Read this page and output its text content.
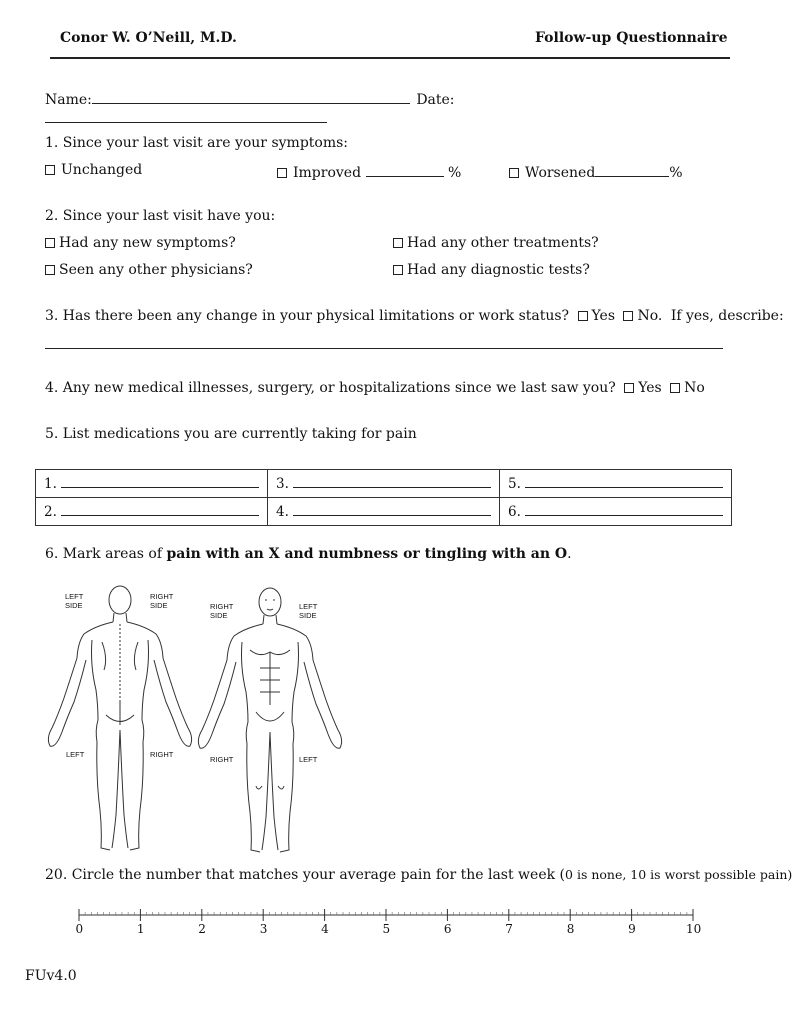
Conor W. O’Neill, M.D.	Follow-up Questionnaire
Name:	Date:
1. Since your last visit are your symptoms:
Unchanged	Improved	%	Worsened	%
2. Since your last visit have you:
Had any new symptoms?	Had any other treatments?
Seen any other physicians?	Had any diagnostic tests?
3. Has there been any change in your physical limitations or work status? Yes No. If yes, describe:
4. Any new medical illnesses, surgery, or hospitalizations since we last saw you? Yes No
5. List medications you are currently taking for pain
1.	3.	5.
2.	4.	6.
6. Mark areas of pain with an X and numbness or tingling with an O.
LEFT
SIDE
RIGHT
SIDE
LEFT	RIGHT
RIGHT
SIDE
LEFT
SIDE
RIGHT	LEFT
20. Circle the number that matches your average pain for the last week (0 is none, 10 is worst possible pain)
0	1	2	3	4	5	6	7	8	9	10
FUv4.0
